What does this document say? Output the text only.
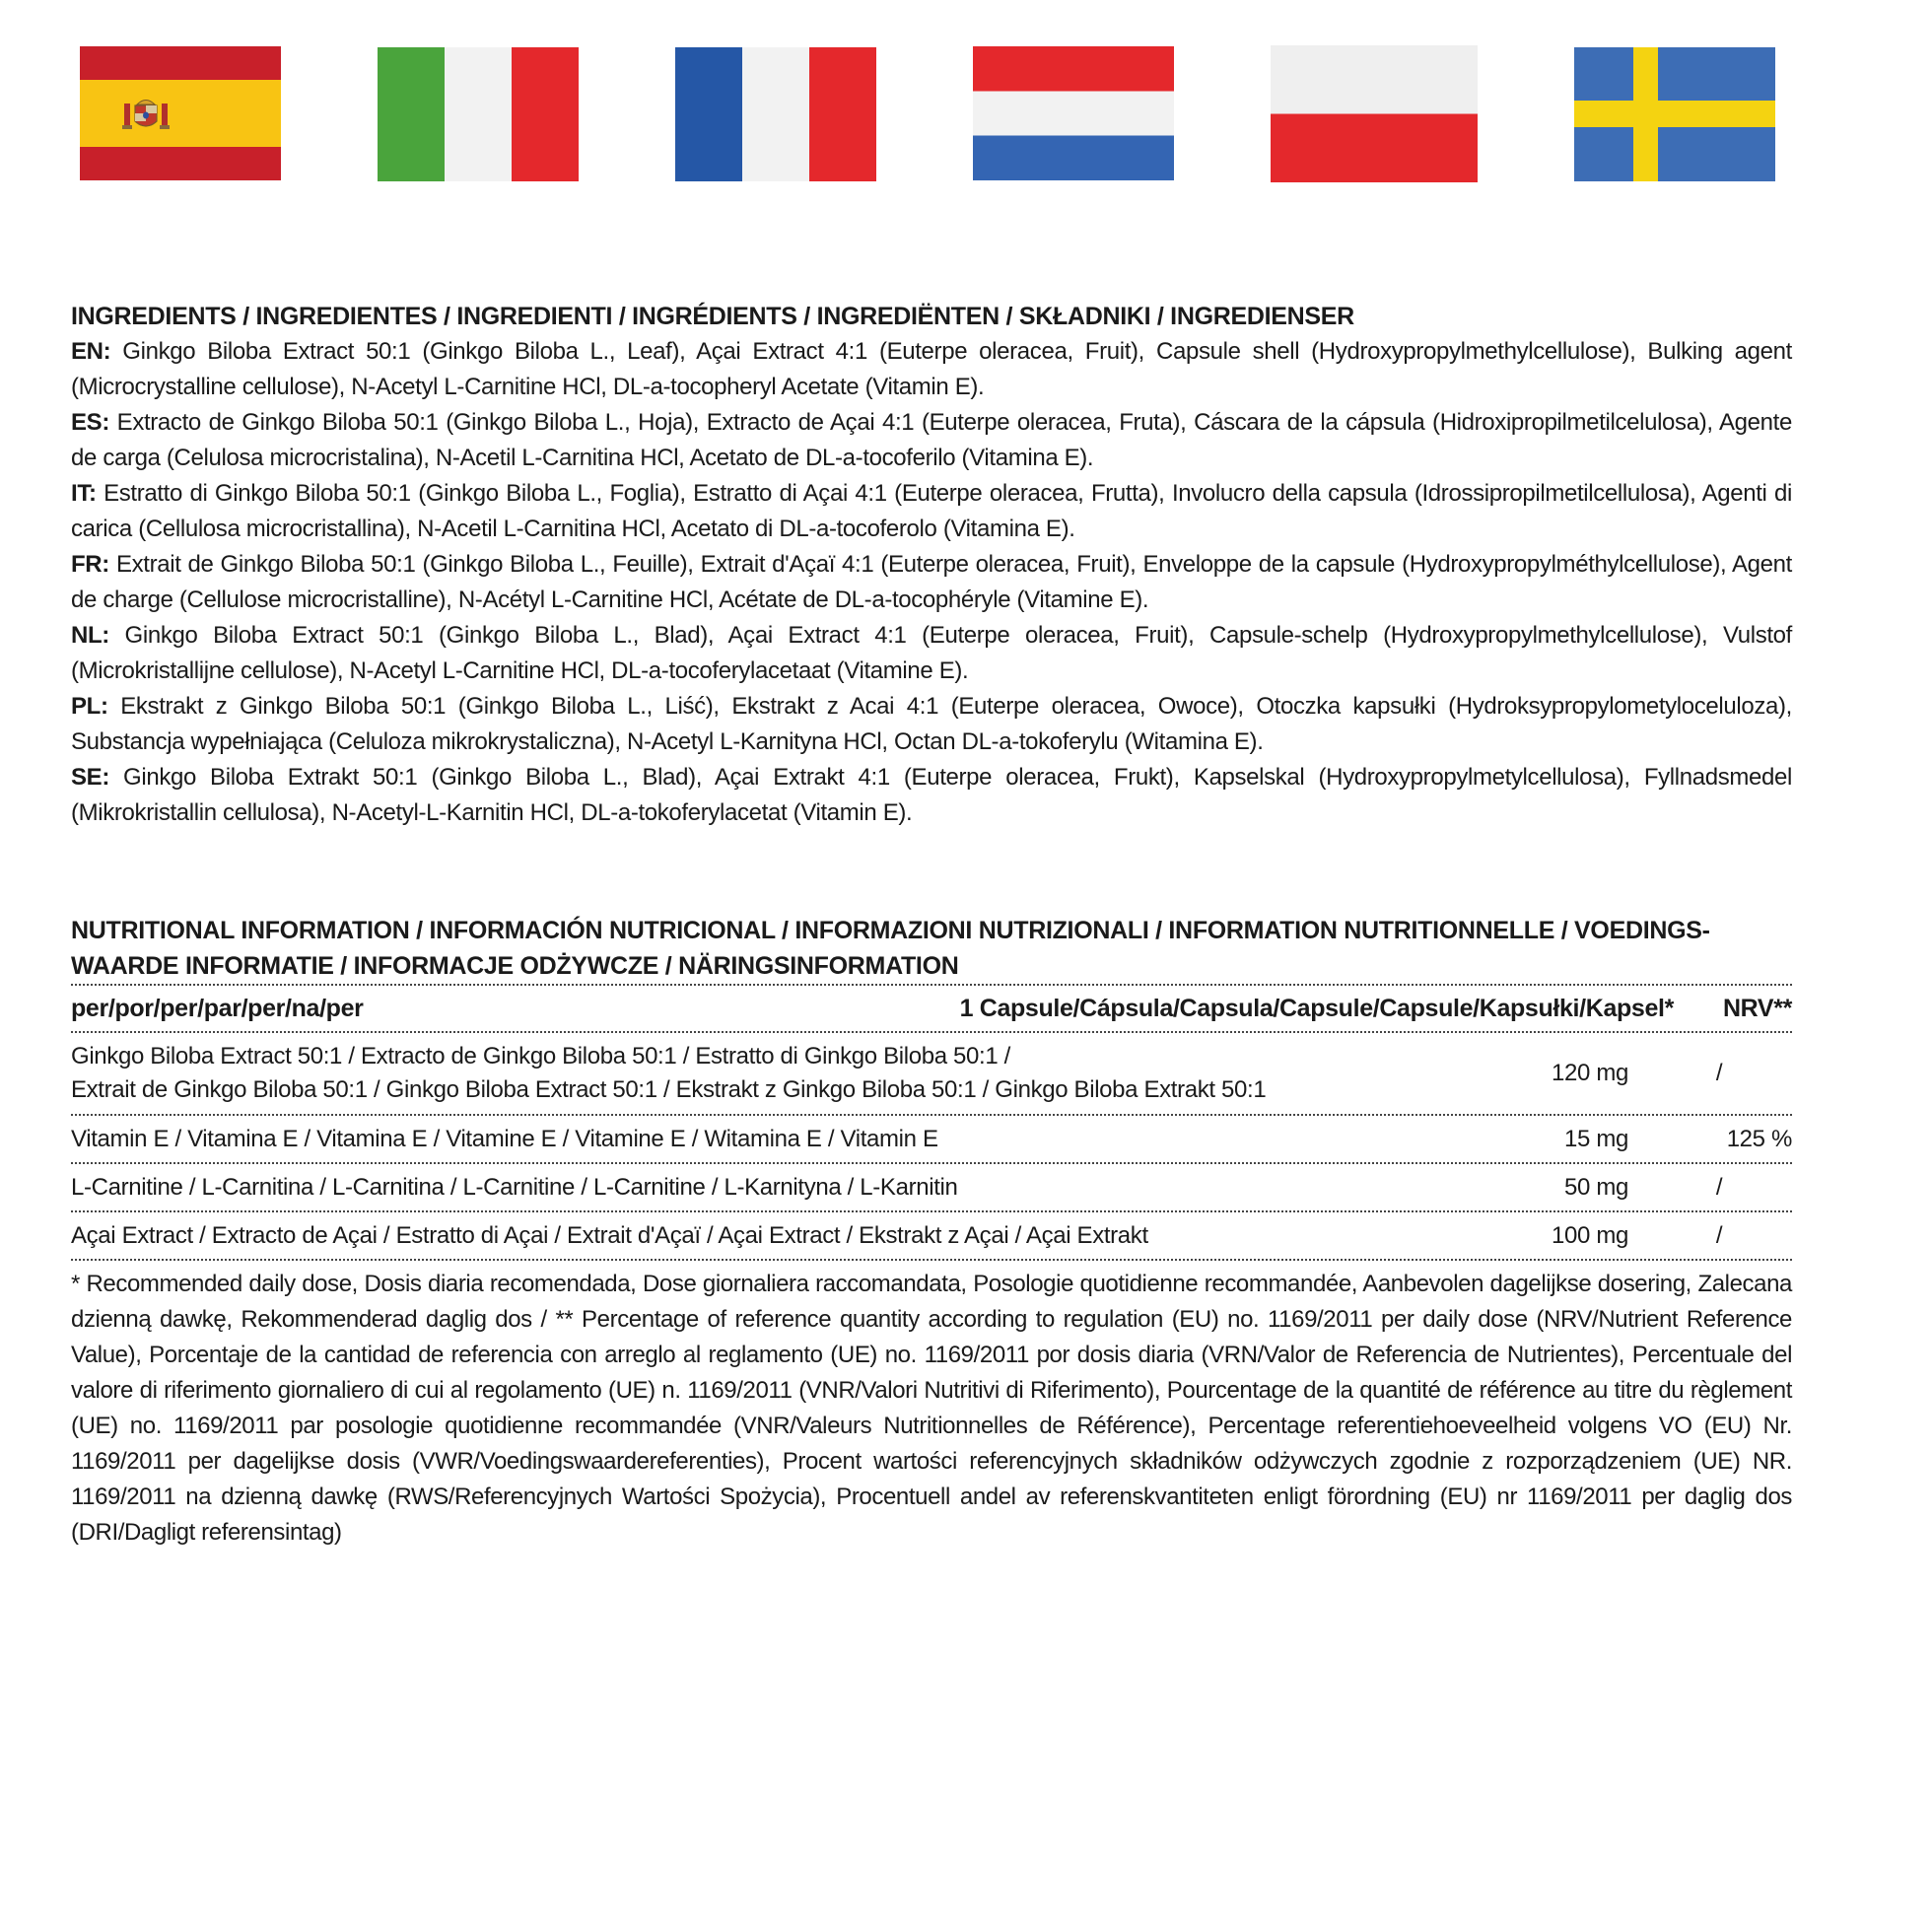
INGREDIENTS / INGREDIENTES / INGREDIENTI / INGRÉDIENTS / INGREDIËNTEN / SKŁADNIKI / INGREDIENSER
EN: Ginkgo Biloba Extract 50:1 (Ginkgo Biloba L., Leaf), Açai Extract 4:1 (Euterpe oleracea, Fruit), Capsule shell (Hydroxypropylmethylcellulose), Bulking agent (Microcrystalline cellulose), N-Acetyl L-Carnitine HCl, DL-a-tocopheryl Acetate (Vitamin E).
ES: Extracto de Ginkgo Biloba 50:1 (Ginkgo Biloba L., Hoja), Extracto de Açai 4:1 (Euterpe oleracea, Fruta), Cáscara de la cápsula (Hidroxipropilmetilcelulosa), Agente de carga (Celulosa microcristalina), N-Acetil L-Carnitina HCl, Acetato de DL-a-tocoferilo (Vitamina E).
IT: Estratto di Ginkgo Biloba 50:1 (Ginkgo Biloba L., Foglia), Estratto di Açai 4:1 (Euterpe oleracea, Frutta), Involucro della capsula (Idrossipropilmetilcellulosa), Agenti di carica (Cellulosa microcristallina), N-Acetil L-Carnitina HCl, Acetato di DL-a-tocoferolo (Vitamina E).
FR: Extrait de Ginkgo Biloba 50:1 (Ginkgo Biloba L., Feuille), Extrait d'Açaï 4:1 (Euterpe oleracea, Fruit), Enveloppe de la capsule (Hydroxypropylméthylcellulose), Agent de charge (Cellulose microcristalline), N-Acétyl L-Carnitine HCl, Acétate de DL-a-tocophéryle (Vitamine E).
NL: Ginkgo Biloba Extract 50:1 (Ginkgo Biloba L., Blad), Açai Extract 4:1 (Euterpe oleracea, Fruit), Capsule-schelp (Hydroxypropylmethylcellulose), Vulstof (Microkristallijne cellulose), N-Acetyl L-Carnitine HCl, DL-a-tocoferylacetaat (Vitamine E).
PL: Ekstrakt z Ginkgo Biloba 50:1 (Ginkgo Biloba L., Liść), Ekstrakt z Acai 4:1 (Euterpe oleracea, Owoce), Otoczka kapsułki (Hydroksypropylometyloceluloza), Substancja wypełniająca (Celuloza mikrokrystaliczna), N-Acetyl L-Karnityna HCl, Octan DL-a-tokoferylu (Witamina E).
SE: Ginkgo Biloba Extrakt 50:1 (Ginkgo Biloba L., Blad), Açai Extrakt 4:1 (Euterpe oleracea, Frukt), Kapselskal (Hydroxypropylmetylcellulosa), Fyllnadsmedel (Mikrokristallin cellulosa), N-Acetyl-L-Karnitin HCl, DL-a-tokoferylacetat (Vitamin E).
NUTRITIONAL INFORMATION / INFORMACIÓN NUTRICIONAL / INFORMAZIONI NUTRIZIONALI / INFORMATION NUTRITIONNELLE / VOEDINGS-
WAARDE INFORMATIE / INFORMACJE ODŻYWCZE / NÄRINGSINFORMATION
per/por/per/par/per/na/per	1 Capsule/Cápsula/Capsula/Capsule/Capsule/Kapsułki/Kapsel*	NRV**
Ginkgo Biloba Extract 50:1 / Extracto de Ginkgo Biloba 50:1 / Estratto di Ginkgo Biloba 50:1 /
Extrait de Ginkgo Biloba 50:1 / Ginkgo Biloba Extract 50:1 / Ekstrakt z Ginkgo Biloba 50:1 / Ginkgo Biloba Extrakt 50:1
120 mg	/
Vitamin E / Vitamina E / Vitamina E / Vitamine E / Vitamine E / Witamina E / Vitamin E	15 mg	125 %
L-Carnitine / L-Carnitina / L-Carnitina / L-Carnitine / L-Carnitine / L-Karnityna / L-Karnitin	50 mg	/
Açai Extract / Extracto de Açai / Estratto di Açai / Extrait d'Açaï / Açai Extract / Ekstrakt z Açai / Açai Extrakt	100 mg	/
* Recommended daily dose, Dosis diaria recomendada, Dose giornaliera raccomandata, Posologie quotidienne recommandée, Aanbevolen dagelijkse dosering, Zalecana dzienną dawkę, Rekommenderad daglig dos / ** Percentage of reference quantity according to regulation (EU) no. 1169/2011 per daily dose (NRV/Nutrient Reference Value), Porcentaje de la cantidad de referencia con arreglo al reglamento (UE) no. 1169/2011 por dosis diaria (VRN/Valor de Referencia de Nutrientes), Percentuale del valore di riferimento giornaliero di cui al regolamento (UE) n. 1169/2011 (VNR/Valori Nutritivi di Riferimento), Pourcentage de la quantité de référence au titre du règlement (UE) no. 1169/2011 par posologie quotidienne recommandée (VNR/Valeurs Nutritionnelles de Référence), Percentage referentiehoeveelheid volgens VO (EU) Nr. 1169/2011 per dagelijkse dosis (VWR/Voedingswaardereferenties), Procent wartości referencyjnych składników odżywczych zgodnie z rozporządzeniem (UE) NR. 1169/2011 na dzienną dawkę (RWS/Referencyjnych Wartości Spożycia), Procentuell andel av referenskvantiteten enligt förordning (EU) nr 1169/2011 per daglig dos (DRI/Dagligt referensintag)
